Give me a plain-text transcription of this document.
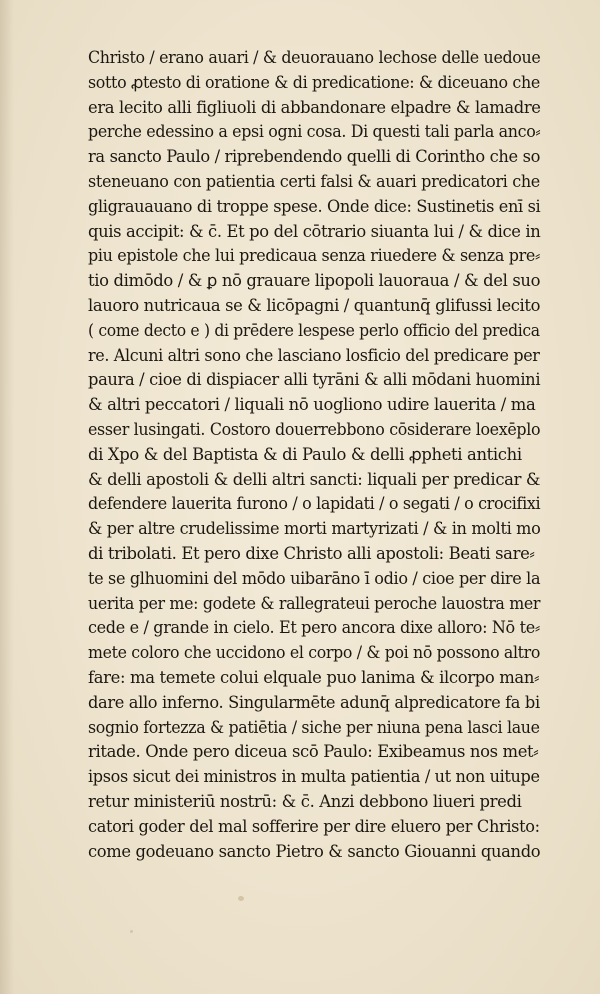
Christo / erano auari / & deuorauano lechose delle uedoue
sotto ꝓtesto di oratione & di predicatione: & diceuano che
era lecito alli figliuoli di abbandonare elpadre & lamadre
perche edessino a epsi ogni cosa. Di questi tali parla anco⸗
ra sancto Paulo / riprebendendo quelli di Corintho che so
steneuano con patientia certi falsi & auari predicatori che
gligrauauano di troppe spese. Onde dice: Sustinetis enī si
quis accipit: & c̄. Et po del cōtrario siuanta lui / & dice in
piu epistole che lui predicaua senza riuedere & senza pre⸗
tio dimōdo / & ꝑ nō grauare lipopoli lauoraua / & del suo
lauoro nutricaua se & licōpagni / quantunq̄ glifussi lecito
( come decto e ) di prēdere lespese perlo officio del predica
re. Alcuni altri sono che lasciano losficio del predicare per
paura / cioe di dispiacer alli tyrāni & alli mōdani huomini
& altri peccatori / liquali nō uogliono udire lauerita / ma
esser lusingati. Costoro douerrebbono cōsiderare loexēplo
di Xpo & del Baptista & di Paulo & delli ꝓpheti antichi
& delli apostoli & delli altri sancti: liquali per predicar &
defendere lauerita furono / o lapidati / o segati / o crocifixi
& per altre crudelissime morti martyrizati / & in molti mo
di tribolati. Et pero dixe Christo alli apostoli: Beati sare⸗
te se glhuomini del mōdo uibarāno ī odio / cioe per dire la
uerita per me: godete & rallegrateui peroche lauostra mer
cede e / grande in cielo. Et pero ancora dixe alloro: Nō te⸗
mete coloro che uccidono el corpo / & poi nō possono altro
fare: ma temete colui elquale puo lanima & ilcorpo man⸗
dare allo inferno. Singularmēte adunq̄ alpredicatore fa bi
sognio fortezza & patiētia / siche per niuna pena lasci laue
ritade. Onde pero diceua scō Paulo: Exibeamus nos met⸗
ipsos sicut dei ministros in multa patientia / ut non uitupe
retur ministeriū nostrū: & c̄. Anzi debbono liueri predi
catori goder del mal sofferire per dire eluero per Christo:
come godeuano sancto Pietro & sancto Giouanni quando
